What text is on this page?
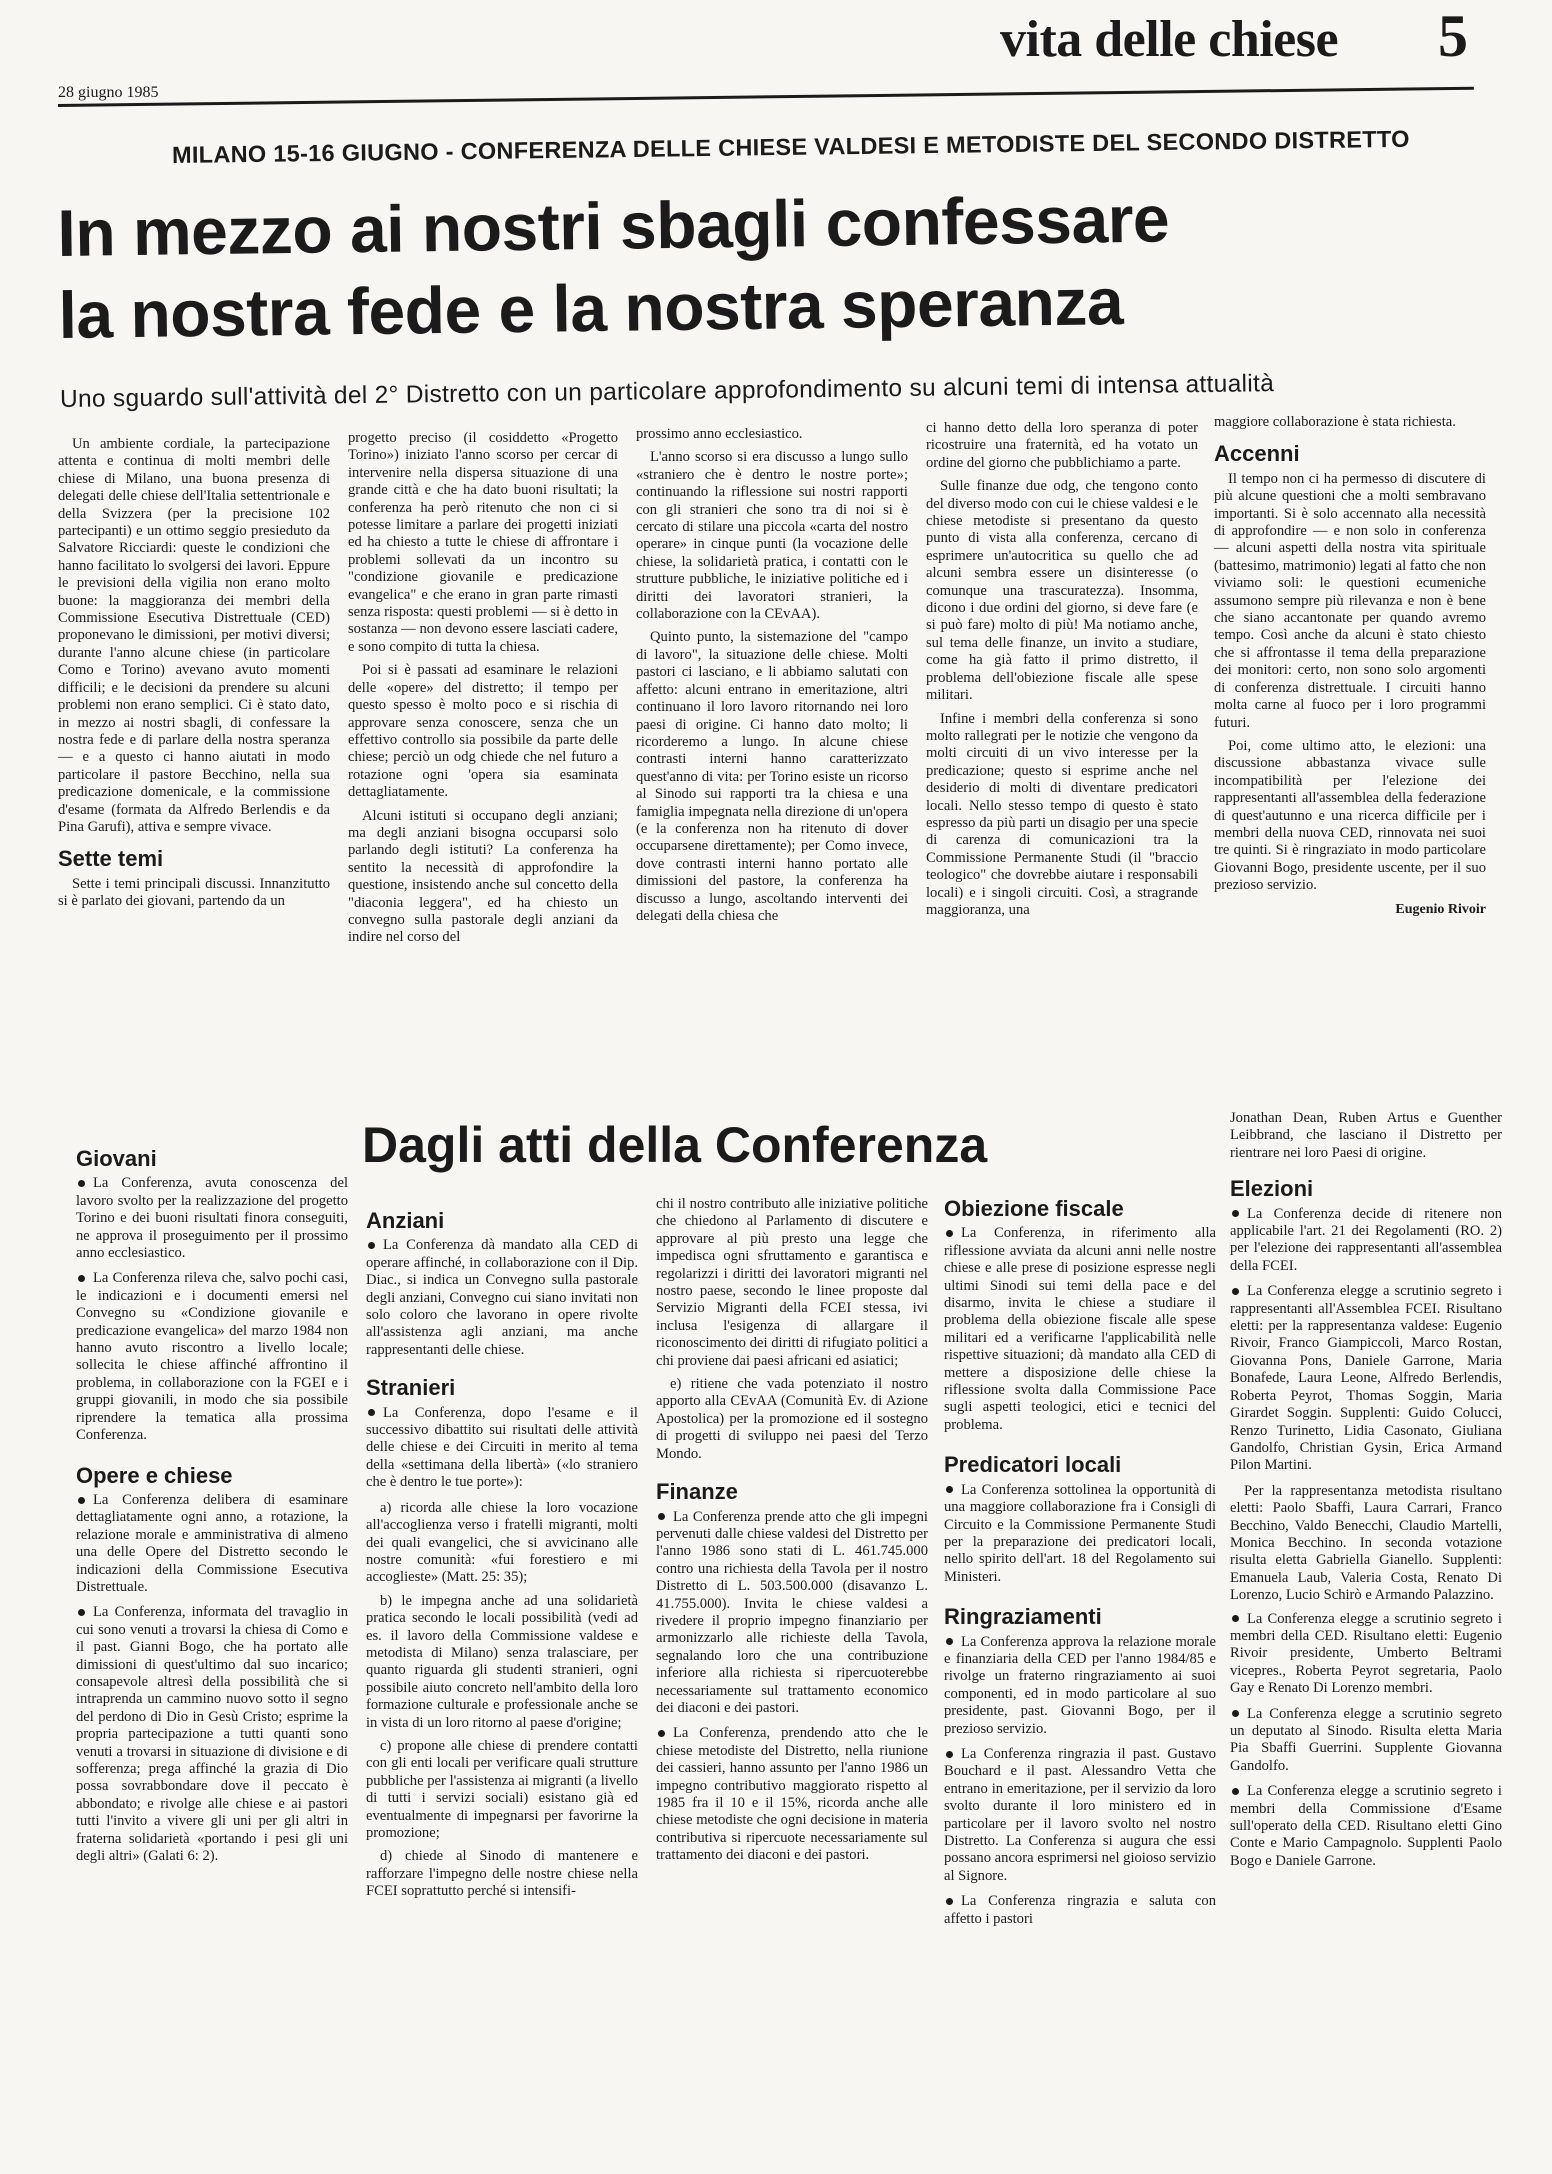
vita delle chiese 5
28 giugno 1985
MILANO 15-16 GIUGNO - CONFERENZA DELLE CHIESE VALDESI E METODISTE DEL SECONDO DISTRETTO
In mezzo ai nostri sbagli confessare
la nostra fede e la nostra speranza
Uno sguardo sull'attività del 2° Distretto con un particolare approfondimento su alcuni temi di intensa attualità

Un ambiente cordiale, la partecipazione attenta e continua di molti membri delle chiese di Milano, una buona presenza di delegati delle chiese dell'Italia settentrionale e della Svizzera (per la precisione 102 partecipanti) e un ottimo seggio presieduto da Salvatore Ricciardi: queste le condizioni che hanno facilitato lo svolgersi dei lavori. Eppure le previsioni della vigilia non erano molto buone: la maggioranza dei membri della Commissione Esecutiva Distrettuale (CED) proponevano le dimissioni, per motivi diversi; durante l'anno alcune chiese (in particolare Como e Torino) avevano avuto momenti difficili; e le decisioni da prendere su alcuni problemi non erano semplici. Ci è stato dato, in mezzo ai nostri sbagli, di confessare la nostra fede e di parlare della nostra speranza — e a questo ci hanno aiutati in modo particolare il pastore Becchino, nella sua predicazione domenicale, e la commissione d'esame (formata da Alfredo Berlendis e da Pina Garufi), attiva e sempre vivace.

Sette temi

Sette i temi principali discussi. Innanzitutto si è parlato dei giovani, partendo da un

progetto preciso (il cosiddetto «Progetto Torino») iniziato l'anno scorso per cercar di intervenire nella dispersa situazione di una grande città e che ha dato buoni risultati; la conferenza ha però ritenuto che non ci si potesse limitare a parlare dei progetti iniziati ed ha chiesto a tutte le chiese di affrontare i problemi sollevati da un incontro su "condizione giovanile e predicazione evangelica" e che erano in gran parte rimasti senza risposta: questi problemi — si è detto in sostanza — non devono essere lasciati cadere, e sono compito di tutta la chiesa.

Poi si è passati ad esaminare le relazioni delle «opere» del distretto; il tempo per questo spesso è molto poco e si rischia di approvare senza conoscere, senza che un effettivo controllo sia possibile da parte delle chiese; perciò un odg chiede che nel futuro a rotazione ogni 'opera sia esaminata dettagliatamente.

Alcuni istituti si occupano degli anziani; ma degli anziani bisogna occuparsi solo parlando degli istituti? La conferenza ha sentito la necessità di approfondire la questione, insistendo anche sul concetto della "diaconia leggera", ed ha chiesto un convegno sulla pastorale degli anziani da indire nel corso del

prossimo anno ecclesiastico.

L'anno scorso si era discusso a lungo sullo «straniero che è dentro le nostre porte»; continuando la riflessione sui nostri rapporti con gli stranieri che sono tra di noi si è cercato di stilare una piccola «carta del nostro operare» in cinque punti (la vocazione delle chiese, la solidarietà pratica, i contatti con le strutture pubbliche, le iniziative politiche ed i diritti dei lavoratori stranieri, la collaborazione con la CEvAA).

Quinto punto, la sistemazione del "campo di lavoro", la situazione delle chiese. Molti pastori ci lasciano, e li abbiamo salutati con affetto: alcuni entrano in emeritazione, altri continuano il loro lavoro ritornando nei loro paesi di origine. Ci hanno dato molto; li ricorderemo a lungo. In alcune chiese contrasti interni hanno caratterizzato quest'anno di vita: per Torino esiste un ricorso al Sinodo sui rapporti tra la chiesa e una famiglia impegnata nella direzione di un'opera (e la conferenza non ha ritenuto di dover occuparsene direttamente); per Como invece, dove contrasti interni hanno portato alle dimissioni del pastore, la conferenza ha discusso a lungo, ascoltando interventi dei delegati della chiesa che

ci hanno detto della loro speranza di poter ricostruire una fraternità, ed ha votato un ordine del giorno che pubblichiamo a parte.

Sulle finanze due odg, che tengono conto del diverso modo con cui le chiese valdesi e le chiese metodiste si presentano da questo punto di vista alla conferenza, cercano di esprimere un'autocritica su quello che ad alcuni sembra essere un disinteresse (o comunque una trascuratezza). Insomma, dicono i due ordini del giorno, si deve fare (e si può fare) molto di più! Ma notiamo anche, sul tema delle finanze, un invito a studiare, come ha già fatto il primo distretto, il problema dell'obiezione fiscale alle spese militari.

Infine i membri della conferenza si sono molto rallegrati per le notizie che vengono da molti circuiti di un vivo interesse per la predicazione; questo si esprime anche nel desiderio di molti di diventare predicatori locali. Nello stesso tempo di questo è stato espresso da più parti un disagio per una specie di carenza di comunicazioni tra la Commissione Permanente Studi (il "braccio teologico" che dovrebbe aiutare i responsabili locali) e i singoli circuiti. Così, a stragrande maggioranza, una

maggiore collaborazione è stata richiesta.

Accenni

Il tempo non ci ha permesso di discutere di più alcune questioni che a molti sembravano importanti. Si è solo accennato alla necessità di approfondire — e non solo in conferenza — alcuni aspetti della nostra vita spirituale (battesimo, matrimonio) legati al fatto che non viviamo soli: le questioni ecumeniche assumono sempre più rilevanza e non è bene che siano accantonate per quando avremo tempo. Così anche da alcuni è stato chiesto che si affrontasse il tema della preparazione dei monitori: certo, non sono solo argomenti di conferenza distrettuale. I circuiti hanno molta carne al fuoco per i loro programmi futuri.

Poi, come ultimo atto, le elezioni: una discussione abbastanza vivace sulle incompatibilità per l'elezione dei rappresentanti all'assemblea della federazione di quest'autunno e una ricerca difficile per i membri della nuova CED, rinnovata nei suoi tre quinti. Si è ringraziato in modo particolare Giovanni Bogo, presidente uscente, per il suo prezioso servizio.

Eugenio Rivoir
Dagli atti della Conferenza
Giovani
La Conferenza, avuta conoscenza del lavoro svolto per la realizzazione del progetto Torino e dei buoni risultati finora conseguiti, ne approva il proseguimento per il prossimo anno ecclesiastico.
La Conferenza rileva che, salvo pochi casi, le indicazioni e i documenti emersi nel Convegno su «Condizione giovanile e predicazione evangelica» del marzo 1984 non hanno avuto riscontro a livello locale; sollecita le chiese affinché affrontino il problema, in collaborazione con la FGEI e i gruppi giovanili, in modo che sia possibile riprendere la tematica alla prossima Conferenza.
Opere e chiese
La Conferenza delibera di esaminare dettagliatamente ogni anno, a rotazione, la relazione morale e amministrativa di almeno una delle Opere del Distretto secondo le indicazioni della Commissione Esecutiva Distrettuale.
La Conferenza, informata del travaglio in cui sono venuti a trovarsi la chiesa di Como e il past. Gianni Bogo, che ha portato alle dimissioni di quest'ultimo dal suo incarico; consapevole altresì della possibilità che si intraprenda un cammino nuovo sotto il segno del perdono di Dio in Gesù Cristo; esprime la propria partecipazione a tutti quanti sono venuti a trovarsi in situazione di divisione e di sofferenza; prega affinché la grazia di Dio possa sovrabbondare dove il peccato è abbondato; e rivolge alle chiese e ai pastori tutti l'invito a vivere gli uni per gli altri in fraterna solidarietà «portando i pesi gli uni degli altri» (Galati 6: 2).
Anziani
La Conferenza dà mandato alla CED di operare affinché, in collaborazione con il Dip. Diac., si indica un Convegno sulla pastorale degli anziani, Convegno cui siano invitati non solo coloro che lavorano in opere rivolte all'assistenza agli anziani, ma anche rappresentanti delle chiese.
Stranieri
La Conferenza, dopo l'esame e il successivo dibattito sui risultati delle attività delle chiese e dei Circuiti in merito al tema della «settimana della libertà» («lo straniero che è dentro le tue porte»):

a) ricorda alle chiese la loro vocazione all'accoglienza verso i fratelli migranti, molti dei quali evangelici, che si avvicinano alle nostre comunità: «fui forestiero e mi accoglieste» (Matt. 25: 35);

b) le impegna anche ad una solidarietà pratica secondo le locali possibilità (vedi ad es. il lavoro della Commissione valdese e metodista di Milano) senza tralasciare, per quanto riguarda gli studenti stranieri, ogni possibile aiuto concreto nell'ambito della loro formazione culturale e professionale anche se in vista di un loro ritorno al paese d'origine;

c) propone alle chiese di prendere contatti con gli enti locali per verificare quali strutture pubbliche per l'assistenza ai migranti (a livello di tutti i servizi sociali) esistano già ed eventualmente di impegnarsi per favorirne la promozione;

d) chiede al Sinodo di mantenere e rafforzare l'impegno delle nostre chiese nella FCEI soprattutto perché si intensifi-

chi il nostro contributo alle iniziative politiche che chiedono al Parlamento di discutere e approvare al più presto una legge che impedisca ogni sfruttamento e garantisca e regolarizzi i diritti dei lavoratori migranti nel nostro paese, secondo le linee proposte dal Servizio Migranti della FCEI stessa, ivi inclusa l'esigenza di allargare il riconoscimento dei diritti di rifugiato politici a chi proviene dai paesi africani ed asiatici;

e) ritiene che vada potenziato il nostro apporto alla CEvAA (Comunità Ev. di Azione Apostolica) per la promozione ed il sostegno di progetti di sviluppo nei paesi del Terzo Mondo.

Finanze
La Conferenza prende atto che gli impegni pervenuti dalle chiese valdesi del Distretto per l'anno 1986 sono stati di L. 461.745.000 contro una richiesta della Tavola per il nostro Distretto di L. 503.500.000 (disavanzo L. 41.755.000). Invita le chiese valdesi a rivedere il proprio impegno finanziario per armonizzarlo alle richieste della Tavola, segnalando loro che una contribuzione inferiore alla richiesta si ripercuoterebbe necessariamente sul trattamento economico dei diaconi e dei pastori.
La Conferenza, prendendo atto che le chiese metodiste del Distretto, nella riunione dei cassieri, hanno assunto per l'anno 1986 un impegno contributivo maggiorato rispetto al 1985 fra il 10 e il 15%, ricorda anche alle chiese metodiste che ogni decisione in materia contributiva si ripercuote necessariamente sul trattamento dei diaconi e dei pastori.
Obiezione fiscale
La Conferenza, in riferimento alla riflessione avviata da alcuni anni nelle nostre chiese e alle prese di posizione espresse negli ultimi Sinodi sui temi della pace e del disarmo, invita le chiese a studiare il problema della obiezione fiscale alle spese militari ed a verificarne l'applicabilità nelle rispettive situazioni; dà mandato alla CED di mettere a disposizione delle chiese la riflessione svolta dalla Commissione Pace sugli aspetti teologici, etici e tecnici del problema.
Predicatori locali
La Conferenza sottolinea la opportunità di una maggiore collaborazione fra i Consigli di Circuito e la Commissione Permanente Studi per la preparazione dei predicatori locali, nello spirito dell'art. 18 del Regolamento sui Ministeri.
Ringraziamenti
La Conferenza approva la relazione morale e finanziaria della CED per l'anno 1984/85 e rivolge un fraterno ringraziamento ai suoi componenti, ed in modo particolare al suo presidente, past. Giovanni Bogo, per il prezioso servizio.
La Conferenza ringrazia il past. Gustavo Bouchard e il past. Alessandro Vetta che entrano in emeritazione, per il servizio da loro svolto durante il loro ministero ed in particolare per il lavoro svolto nel nostro Distretto. La Conferenza si augura che essi possano ancora esprimersi nel gioioso servizio al Signore.
La Conferenza ringrazia e saluta con affetto i pastori

Jonathan Dean, Ruben Artus e Guenther Leibbrand, che lasciano il Distretto per rientrare nei loro Paesi di origine.

Elezioni
La Conferenza decide di ritenere non applicabile l'art. 21 dei Regolamenti (RO. 2) per l'elezione dei rappresentanti all'assemblea della FCEI.
La Conferenza elegge a scrutinio segreto i rappresentanti all'Assemblea FCEI. Risultano eletti: per la rappresentanza valdese: Eugenio Rivoir, Franco Giampiccoli, Marco Rostan, Giovanna Pons, Daniele Garrone, Maria Bonafede, Laura Leone, Alfredo Berlendis, Roberta Peyrot, Thomas Soggin, Maria Girardet Soggin. Supplenti: Guido Colucci, Renzo Turinetto, Lidia Casonato, Giuliana Gandolfo, Christian Gysin, Erica Armand Pilon Martini.

Per la rappresentanza metodista risultano eletti: Paolo Sbaffi, Laura Carrari, Franco Becchino, Valdo Benecchi, Claudio Martelli, Monica Becchino. In seconda votazione risulta eletta Gabriella Gianello. Supplenti: Emanuela Laub, Valeria Costa, Renato Di Lorenzo, Lucio Schirò e Armando Palazzino.

La Conferenza elegge a scrutinio segreto i membri della CED. Risultano eletti: Eugenio Rivoir presidente, Umberto Beltrami vicepres., Roberta Peyrot segretaria, Paolo Gay e Renato Di Lorenzo membri.
La Conferenza elegge a scrutinio segreto un deputato al Sinodo. Risulta eletta Maria Pia Sbaffi Guerrini. Supplente Giovanna Gandolfo.
La Conferenza elegge a scrutinio segreto i membri della Commissione d'Esame sull'operato della CED. Risultano eletti Gino Conte e Mario Campagnolo. Supplenti Paolo Bogo e Daniele Garrone.
